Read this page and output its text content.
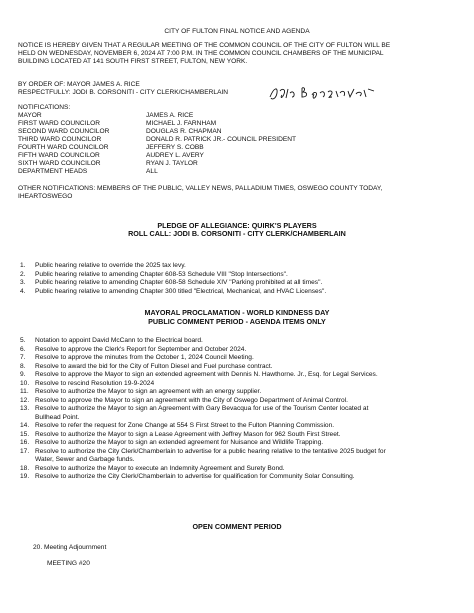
CITY OF FULTON FINAL NOTICE AND AGENDA
NOTICE IS HEREBY GIVEN THAT A REGULAR MEETING OF THE COMMON COUNCIL OF THE CITY OF FULTON WILL BE
HELD ON WEDNESDAY, NOVEMBER 6, 2024 AT 7:00 P.M. IN THE COMMON COUNCIL CHAMBERS OF THE MUNICIPAL
BUILDING LOCATED AT 141 SOUTH FIRST STREET, FULTON, NEW YORK.
BY ORDER OF: MAYOR JAMES A. RICE
RESPECTFULLY: JODI B. CORSONITI - CITY CLERK/CHAMBERLAIN
NOTIFICATIONS:
MAYOR	JAMES A. RICE
FIRST WARD COUNCILOR	MICHAEL J. FARNHAM
SECOND WARD COUNCILOR	DOUGLAS R. CHAPMAN
THIRD WARD COUNCILOR	DONALD R. PATRICK JR.- COUNCIL PRESIDENT
FOURTH WARD COUNCILOR	JEFFERY S. COBB
FIFTH WARD COUNCILOR	AUDREY L. AVERY
SIXTH WARD COUNCILOR	RYAN J. TAYLOR
DEPARTMENT HEADS	ALL
OTHER NOTIFICATIONS: MEMBERS OF THE PUBLIC, VALLEY NEWS, PALLADIUM TIMES, OSWEGO COUNTY TODAY,
IHEARTOSWEGO
PLEDGE OF ALLEGIANCE: QUIRK'S PLAYERS
ROLL CALL: JODI B. CORSONITI - CITY CLERK/CHAMBERLAIN
1. Public hearing relative to override the 2025 tax levy.
2. Public hearing relative to amending Chapter 608-53 Schedule VIII "Stop Intersections".
3. Public hearing relative to amending Chapter 608-58 Schedule XIV "Parking prohibited at all times".
4. Public hearing relative to amending Chapter 300 titled "Electrical, Mechanical, and HVAC Licenses".
MAYORAL PROCLAMATION - WORLD KINDNESS DAY
PUBLIC COMMENT PERIOD - AGENDA ITEMS ONLY
5. Notation to appoint David McCann to the Electrical board.
6. Resolve to approve the Clerk's Report for September and October 2024.
7. Resolve to approve the minutes from the October 1, 2024 Council Meeting.
8. Resolve to award the bid for the City of Fulton Diesel and Fuel purchase contract.
9. Resolve to approve the Mayor to sign an extended agreement with Dennis N. Hawthorne. Jr., Esq. for Legal Services.
10. Resolve to rescind Resolution 19-9-2024
11. Resolve to authorize the Mayor to sign an agreement with an energy supplier.
12. Resolve to approve the Mayor to sign an agreement with the City of Oswego Department of Animal Control.
13. Resolve to authorize the Mayor to sign an Agreement with Gary Bevacqua for use of the Tourism Center located at
Bullhead Point.
14. Resolve to refer the request for Zone Change at 554 S First Street to the Fulton Planning Commission.
15. Resolve to authorize the Mayor to sign a Lease Agreement with Jeffrey Mason for 962 South First Street.
16. Resolve to authorize the Mayor to sign an extended agreement for Nuisance and Wildlife Trapping.
17. Resolve to authorize the City Clerk/Chamberlain to advertise for a public hearing relative to the tentative 2025 budget for
Water, Sewer and Garbage funds.
18. Resolve to authorize the Mayor to execute an Indemnity Agreement and Surety Bond.
19. Resolve to authorize the City Clerk/Chamberlain to advertise for qualification for Community Solar Consulting.
OPEN COMMENT PERIOD
20. Meeting Adjournment
MEETING #20
